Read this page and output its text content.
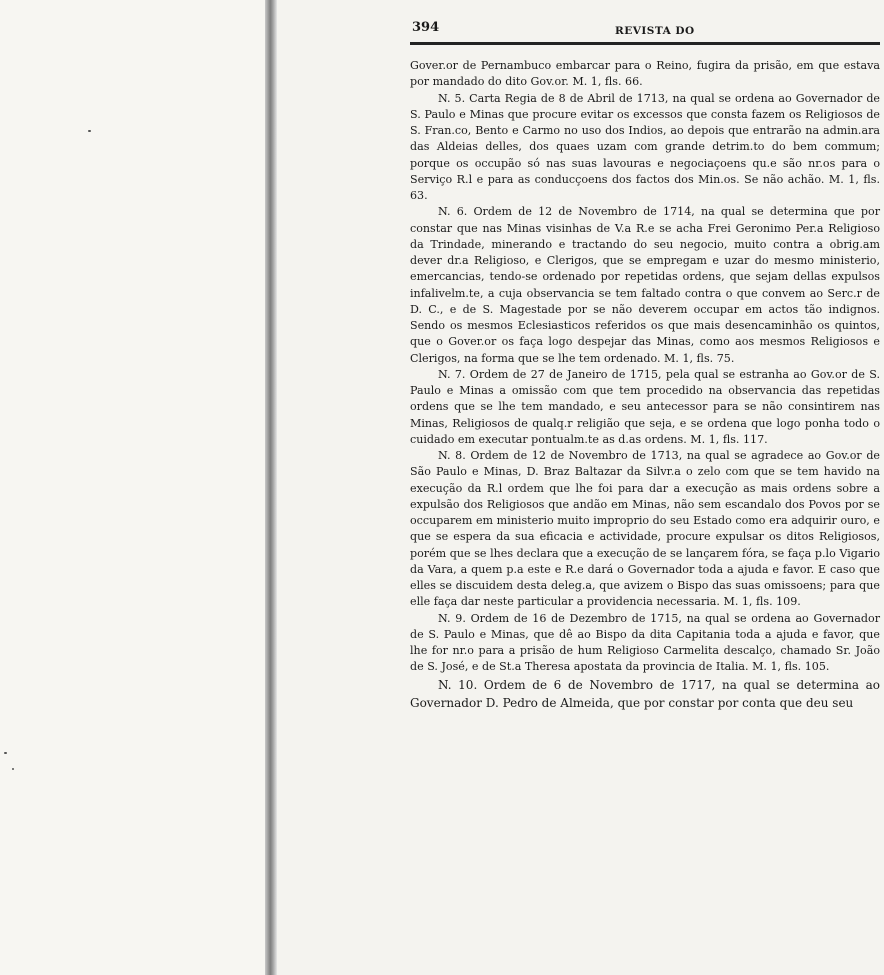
394	REVISTA DO

Gover.or de Pernambuco embarcar para o Reino, fugira da prisão, em que estava por mandado do dito Gov.or. M. 1, fls. 66.

N. 5. Carta Regia de 8 de Abril de 1713, na qual se ordena ao Governador de S. Paulo e Minas que procure evitar os excessos que consta fazem os Religiosos de S. Fran.co, Bento e Carmo no uso dos Indios, ao depois que entrarão na admin.ara das Aldeias delles, dos quaes uzam com grande detrim.to do bem commum; porque os occupão só nas suas lavouras e negociaçoens qu.e são nr.os para o Serviço R.l e para as conducçoens dos factos dos Min.os. Se não achão. M. 1, fls. 63.

N. 6. Ordem de 12 de Novembro de 1714, na qual se determina que por constar que nas Minas visinhas de V.a R.e se acha Frei Geronimo Per.a Religioso da Trindade, minerando e tractando do seu negocio, muito contra a obrig.am dever dr.a Religioso, e Clerigos, que se empregam e uzar do mesmo ministerio, emercancias, tendo-se ordenado por repetidas ordens, que sejam dellas expulsos infalivelm.te, a cuja observancia se tem faltado contra o que convem ao Serc.r de D. C., e de S. Magestade por se não deverem occupar em actos tão indignos. Sendo os mesmos Eclesiasticos referidos os que mais desencaminhão os quintos, que o Gover.or os faça logo despejar das Minas, como aos mesmos Religiosos e Clerigos, na forma que se lhe tem ordenado. M. 1, fls. 75.

N. 7. Ordem de 27 de Janeiro de 1715, pela qual se estranha ao Gov.or de S. Paulo e Minas a omissão com que tem procedido na observancia das repetidas ordens que se lhe tem mandado, e seu antecessor para se não consintirem nas Minas, Religiosos de qualq.r religião que seja, e se ordena que logo ponha todo o cuidado em executar pontualm.te as d.as ordens. M. 1, fls. 117.

N. 8. Ordem de 12 de Novembro de 1713, na qual se agradece ao Gov.or de São Paulo e Minas, D. Braz Baltazar da Silvr.a o zelo com que se tem havido na execução da R.l ordem que lhe foi para dar a execução as mais ordens sobre a expulsão dos Religiosos que andão em Minas, não sem escandalo dos Povos por se occuparem em ministerio muito improprio do seu Estado como era adquirir ouro, e que se espera da sua eficacia e actividade, procure expulsar os ditos Religiosos, porém que se lhes declara que a execução de se lançarem fóra, se faça p.lo Vigario da Vara, a quem p.a este e R.e dará o Governador toda a ajuda e favor. E caso que elles se discuidem desta deleg.a, que avizem o Bispo das suas omissoens; para que elle faça dar neste particular a providencia necessaria. M. 1, fls. 109.

N. 9. Ordem de 16 de Dezembro de 1715, na qual se ordena ao Governador de S. Paulo e Minas, que dê ao Bispo da dita Capitania toda a ajuda e favor, que lhe for nr.o para a prisão de hum Religioso Carmelita descalço, chamado Sr. João de S. José, e de St.a Theresa apostata da provincia de Italia. M. 1, fls. 105.

N. 10. Ordem de 6 de Novembro de 1717, na qual se determina ao Governador D. Pedro de Almeida, que por constar por conta que deu seu
